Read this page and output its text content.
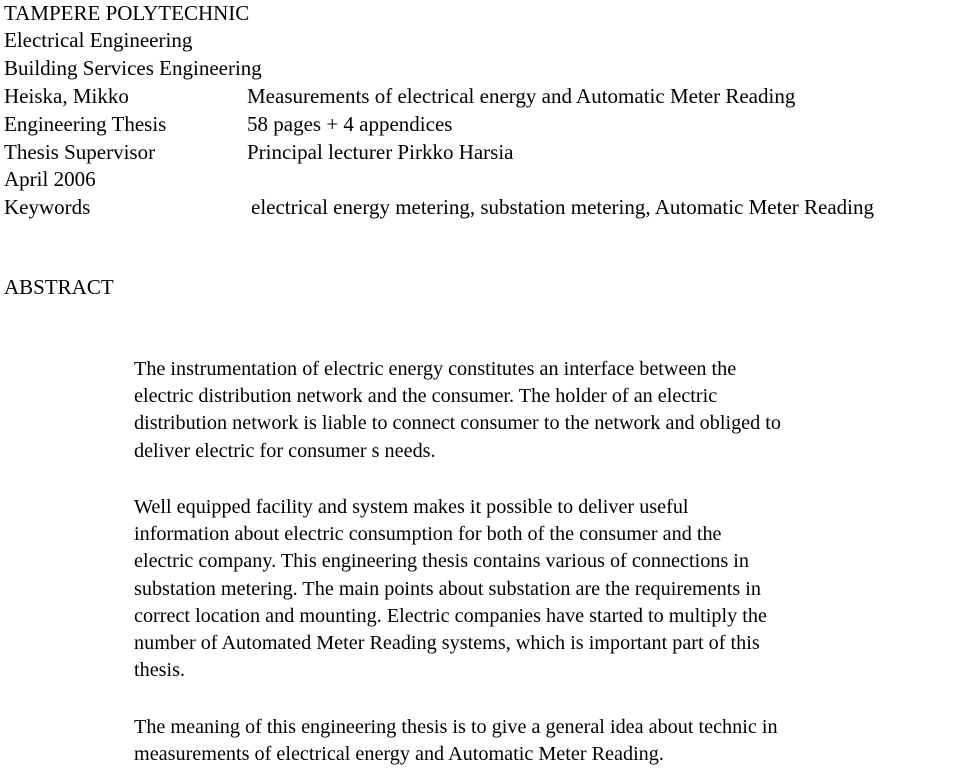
TAMPERE POLYTECHNIC
Electrical Engineering
Building Services Engineering
Heiska, Mikko	Measurements of electrical energy and Automatic Meter Reading
Engineering Thesis	58 pages + 4 appendices
Thesis Supervisor	Principal lecturer Pirkko Harsia
April 2006
Keywords	electrical energy metering, substation metering, Automatic Meter Reading
ABSTRACT
The instrumentation of electric energy constitutes an interface between the
electric distribution network and the consumer. The holder of an electric
distribution network is liable to connect consumer to the network and obliged to
deliver electric for consumer s needs.
Well equipped facility and system makes it possible to deliver useful
information about electric consumption for both of the consumer and the
electric company. This engineering thesis contains various of connections in
substation metering. The main points about substation are the requirements in
correct location and mounting. Electric companies have started to multiply the
number of Automated Meter Reading systems, which is important part of this
thesis.
The meaning of this engineering thesis is to give a general idea about technic in
measurements of electrical energy and Automatic Meter Reading.
